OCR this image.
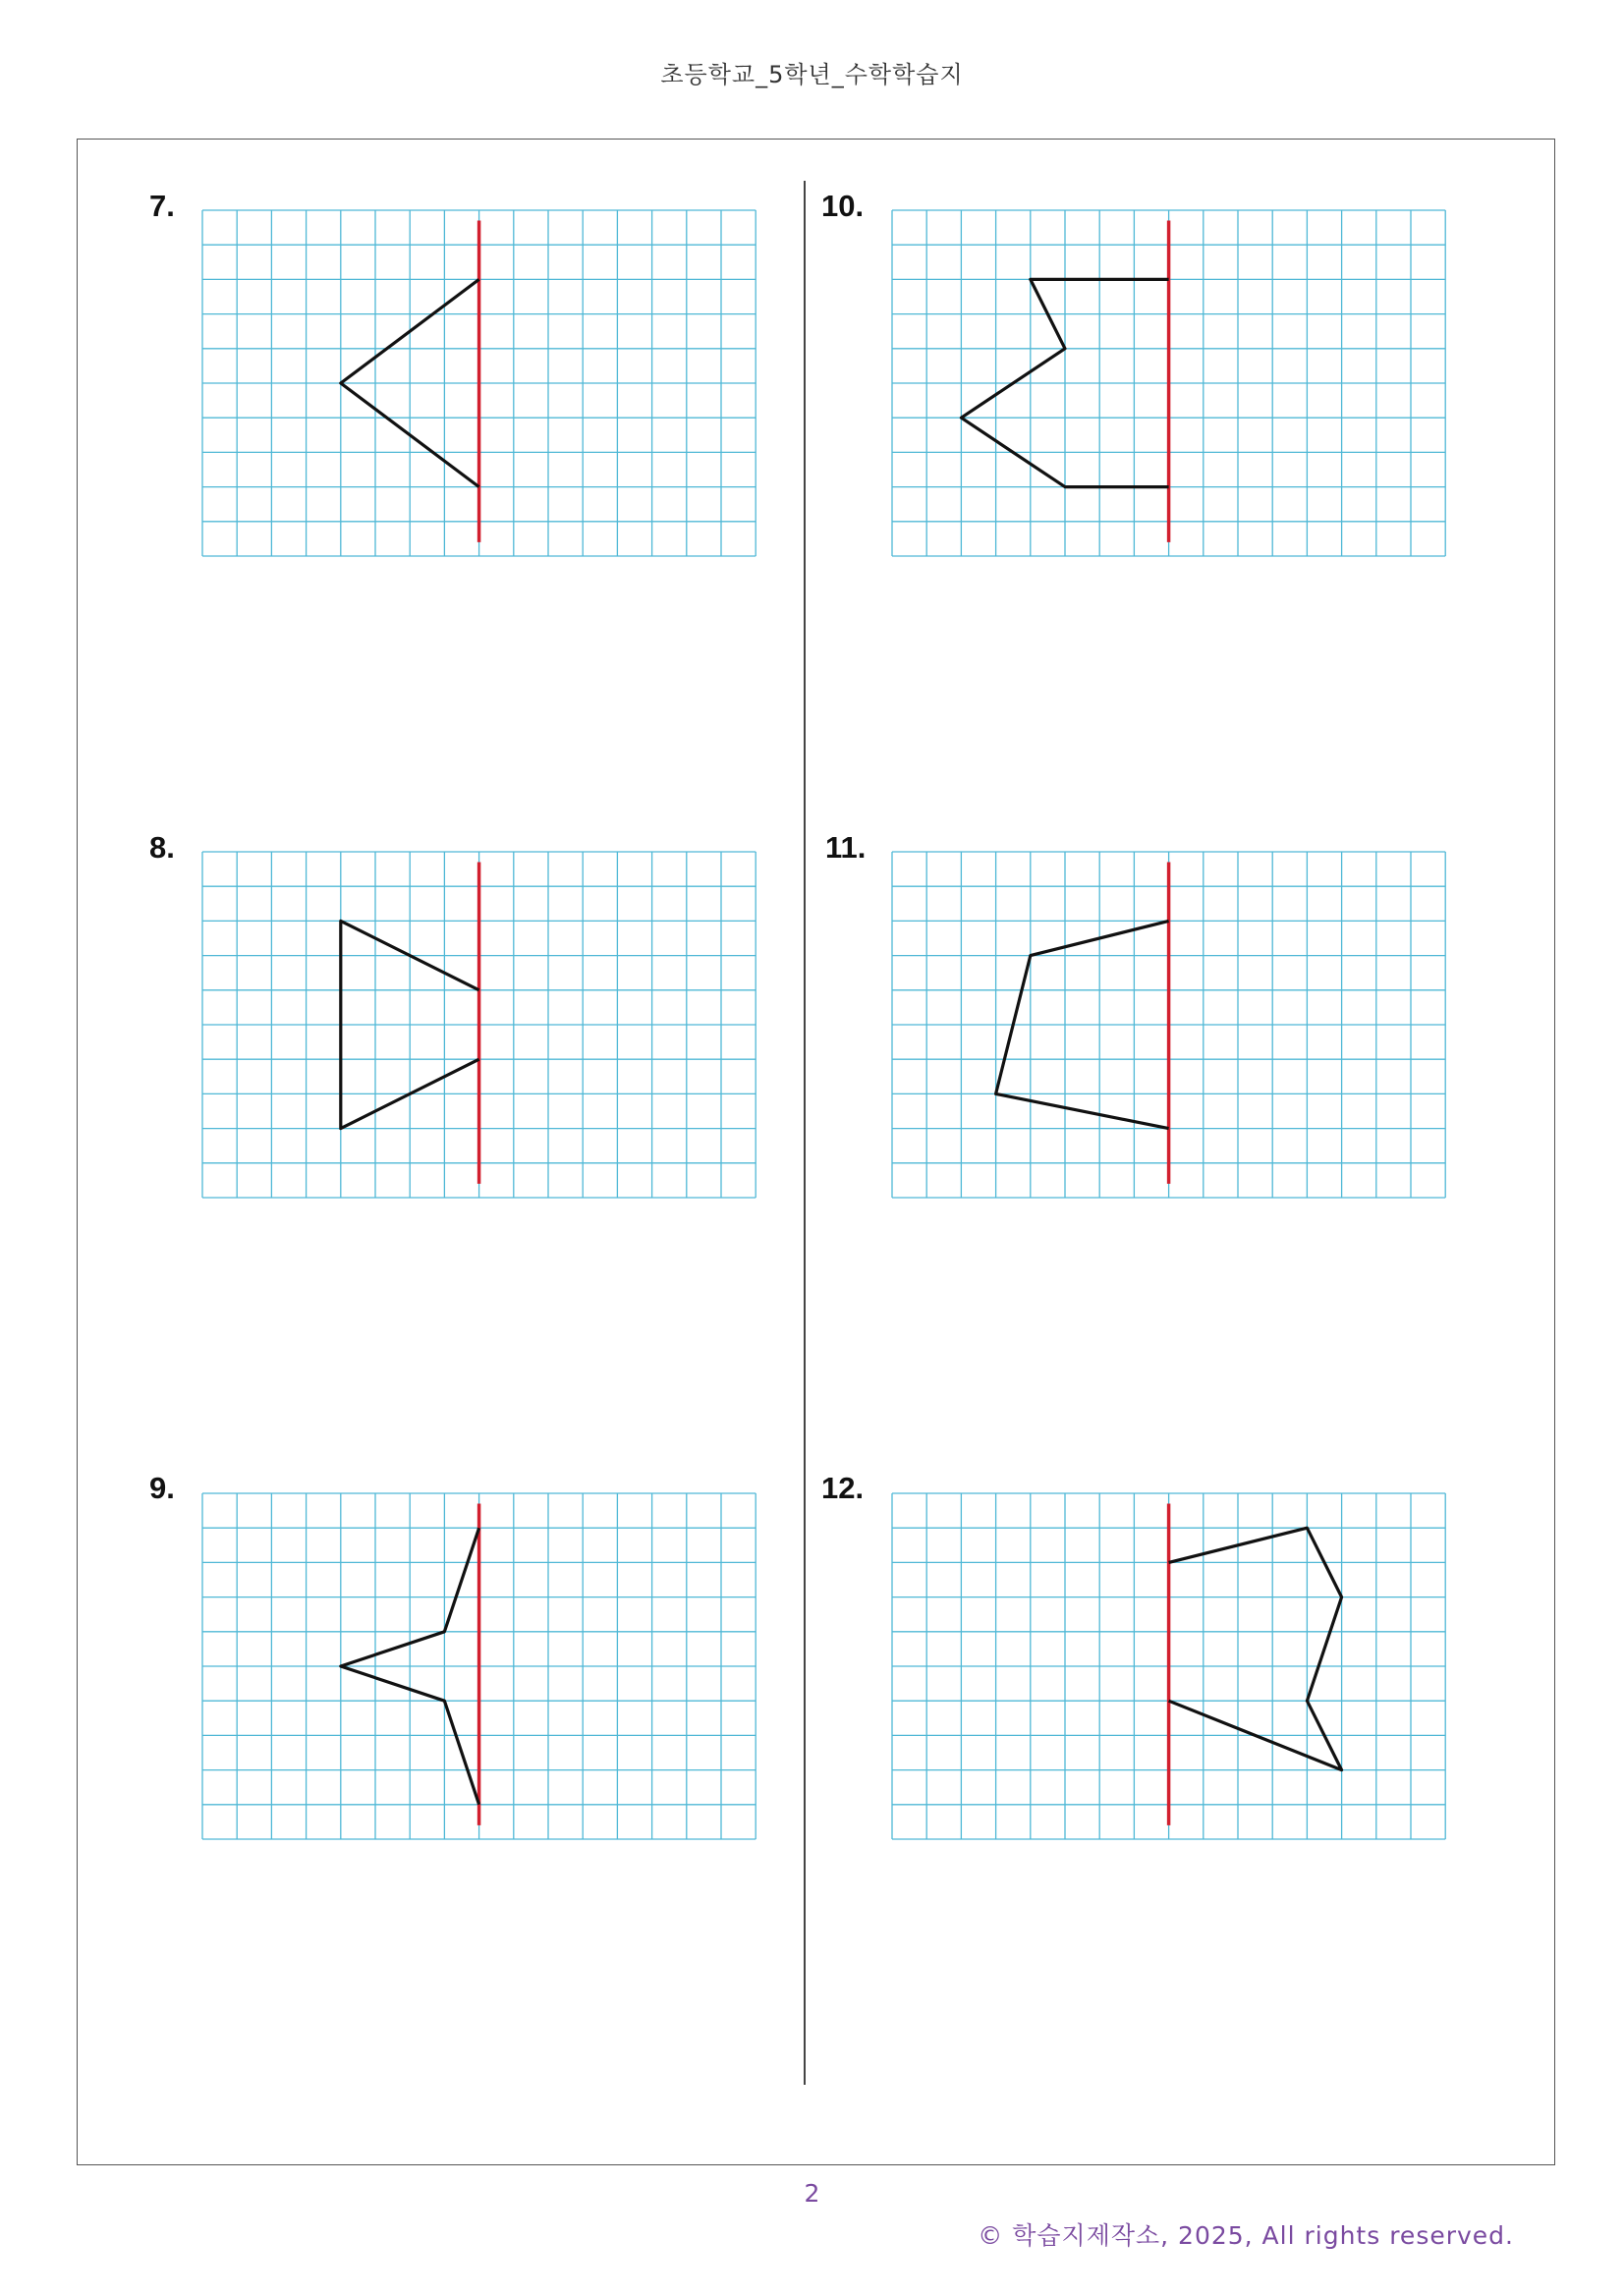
초등학교_5학년_수학학습지
7.
8.
9.
10.
11.
12.
2
© 학습지제작소, 2025, All rights reserved.
